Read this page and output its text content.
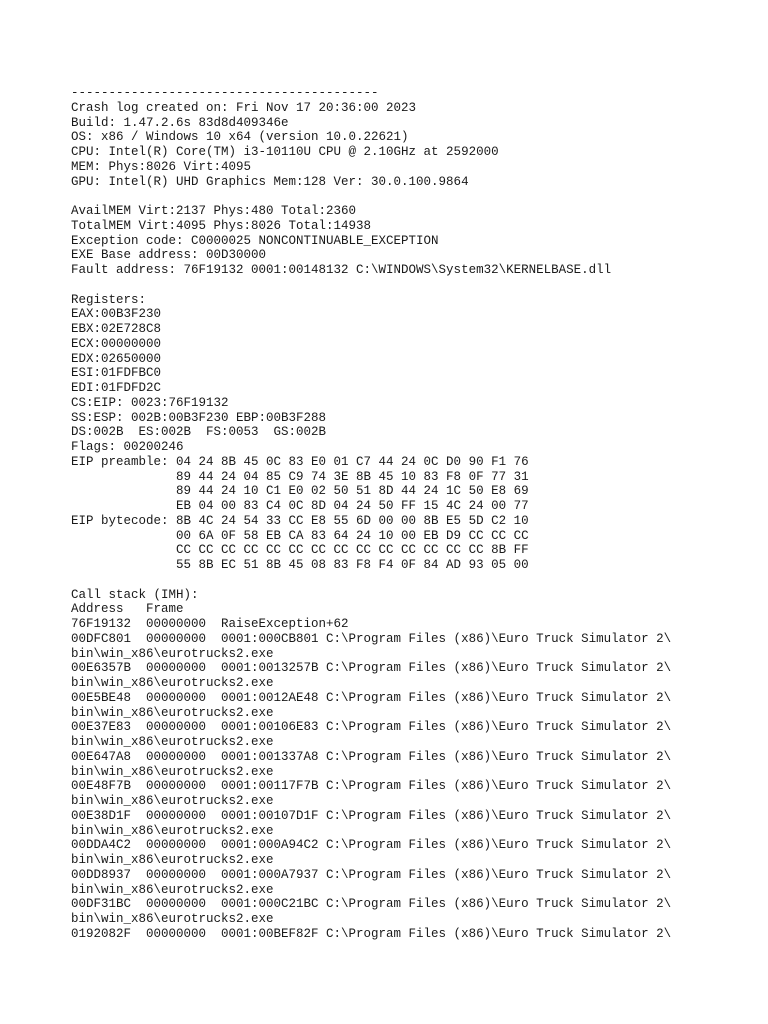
-----------------------------------------
Crash log created on: Fri Nov 17 20:36:00 2023
Build: 1.47.2.6s 83d8d409346e
OS: x86 / Windows 10 x64 (version 10.0.22621)
CPU: Intel(R) Core(TM) i3-10110U CPU @ 2.10GHz at 2592000
MEM: Phys:8026 Virt:4095
GPU: Intel(R) UHD Graphics Mem:128 Ver: 30.0.100.9864

AvailMEM Virt:2137 Phys:480 Total:2360
TotalMEM Virt:4095 Phys:8026 Total:14938
Exception code: C0000025 NONCONTINUABLE_EXCEPTION
EXE Base address: 00D30000
Fault address: 76F19132 0001:00148132 C:\WINDOWS\System32\KERNELBASE.dll

Registers:
EAX:00B3F230
EBX:02E728C8
ECX:00000000
EDX:02650000
ESI:01FDFBC0
EDI:01FDFD2C
CS:EIP: 0023:76F19132
SS:ESP: 002B:00B3F230 EBP:00B3F288
DS:002B  ES:002B  FS:0053  GS:002B
Flags: 00200246
EIP preamble: 04 24 8B 45 0C 83 E0 01 C7 44 24 0C D0 90 F1 76
89 44 24 04 85 C9 74 3E 8B 45 10 83 F8 0F 77 31
89 44 24 10 C1 E0 02 50 51 8D 44 24 1C 50 E8 69
EB 04 00 83 C4 0C 8D 04 24 50 FF 15 4C 24 00 77
EIP bytecode: 8B 4C 24 54 33 CC E8 55 6D 00 00 8B E5 5D C2 10
00 6A 0F 58 EB CA 83 64 24 10 00 EB D9 CC CC CC
CC CC CC CC CC CC CC CC CC CC CC CC CC CC 8B FF
55 8B EC 51 8B 45 08 83 F8 F4 0F 84 AD 93 05 00

Call stack (IMH):
Address   Frame
76F19132  00000000  RaiseException+62
00DFC801  00000000  0001:000CB801 C:\Program Files (x86)\Euro Truck Simulator 2\
bin\win_x86\eurotrucks2.exe
00E6357B  00000000  0001:0013257B C:\Program Files (x86)\Euro Truck Simulator 2\
bin\win_x86\eurotrucks2.exe
00E5BE48  00000000  0001:0012AE48 C:\Program Files (x86)\Euro Truck Simulator 2\
bin\win_x86\eurotrucks2.exe
00E37E83  00000000  0001:00106E83 C:\Program Files (x86)\Euro Truck Simulator 2\
bin\win_x86\eurotrucks2.exe
00E647A8  00000000  0001:001337A8 C:\Program Files (x86)\Euro Truck Simulator 2\
bin\win_x86\eurotrucks2.exe
00E48F7B  00000000  0001:00117F7B C:\Program Files (x86)\Euro Truck Simulator 2\
bin\win_x86\eurotrucks2.exe
00E38D1F  00000000  0001:00107D1F C:\Program Files (x86)\Euro Truck Simulator 2\
bin\win_x86\eurotrucks2.exe
00DDA4C2  00000000  0001:000A94C2 C:\Program Files (x86)\Euro Truck Simulator 2\
bin\win_x86\eurotrucks2.exe
00DD8937  00000000  0001:000A7937 C:\Program Files (x86)\Euro Truck Simulator 2\
bin\win_x86\eurotrucks2.exe
00DF31BC  00000000  0001:000C21BC C:\Program Files (x86)\Euro Truck Simulator 2\
bin\win_x86\eurotrucks2.exe
0192082F  00000000  0001:00BEF82F C:\Program Files (x86)\Euro Truck Simulator 2\
